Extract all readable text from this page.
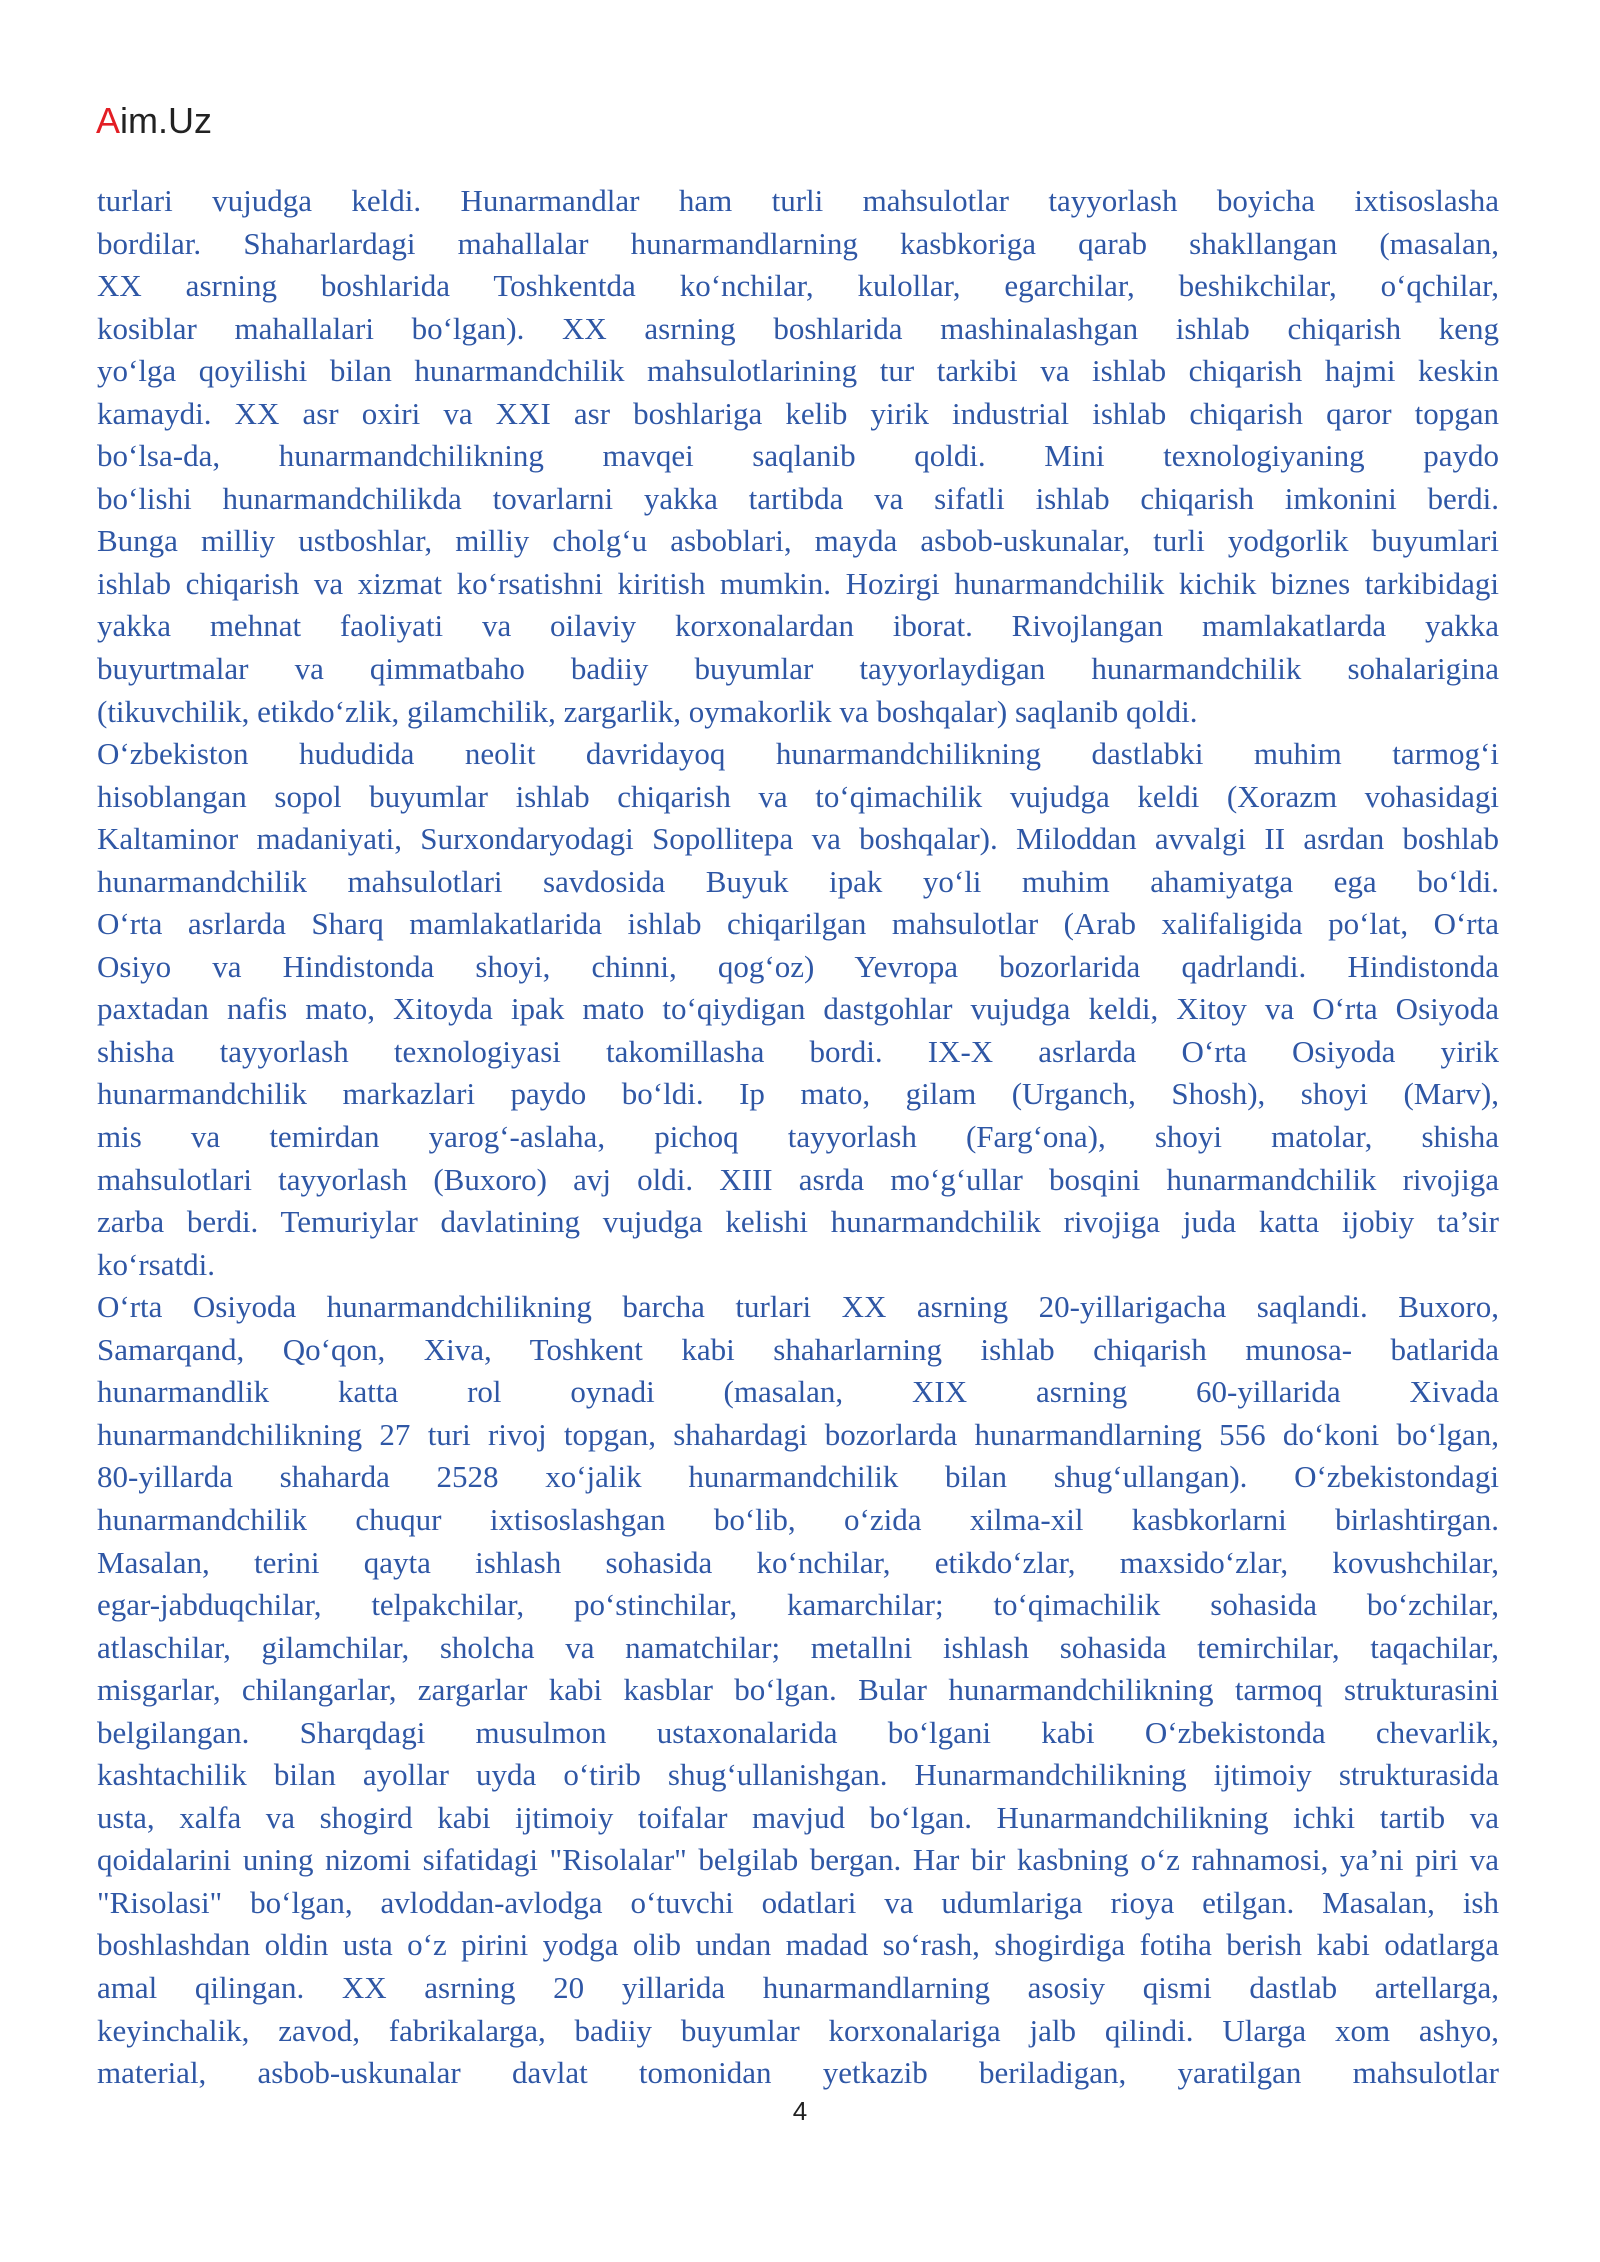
Aim.Uz
turlari vujudga keldi. Hunarmandlar ham turli mahsulotlar tayyorlash boyicha ixtisoslasha
bordilar. Shaharlardagi mahallalar hunarmandlarning kasbkoriga qarab shakllangan (masalan,
XX asrning boshlarida Toshkentda ko‘nchilar, kulollar, egarchilar, beshikchilar, o‘qchilar,
kosiblar mahallalari bo‘lgan). XX asrning boshlarida mashinalashgan ishlab chiqarish keng
yo‘lga qoyilishi bilan hunarmandchilik mahsulotlarining tur tarkibi va ishlab chiqarish hajmi keskin
kamaydi. XX asr oxiri va XXI asr boshlariga kelib yirik industrial ishlab chiqarish qaror topgan
bo‘lsa-da, hunarmandchilikning mavqei saqlanib qoldi. Mini texnologiyaning paydo
bo‘lishi hunarmandchilikda tovarlarni yakka tartibda va sifatli ishlab chiqarish imkonini berdi.
Bunga milliy ustboshlar, milliy cholg‘u asboblari, mayda asbob-uskunalar, turli yodgorlik buyumlari
ishlab chiqarish va xizmat ko‘rsatishni kiritish mumkin. Hozirgi hunarmandchilik kichik biznes tarkibidagi
yakka mehnat faoliyati va oilaviy korxonalardan iborat. Rivojlangan mamlakatlarda yakka
buyurtmalar va qimmatbaho badiiy buyumlar tayyorlaydigan hunarmandchilik sohalarigina
(tikuvchilik, etikdo‘zlik, gilamchilik, zargarlik, oymakorlik va boshqalar) saqlanib qoldi.
O‘zbekiston hududida neolit davridayoq hunarmandchilikning dastlabki muhim tarmog‘i
hisoblangan sopol buyumlar ishlab chiqarish va to‘qimachilik vujudga keldi (Xorazm vohasidagi
Kaltaminor madaniyati, Surxondaryodagi Sopollitepa va boshqalar). Miloddan avvalgi II asrdan boshlab
hunarmandchilik mahsulotlari savdosida Buyuk ipak yo‘li muhim ahamiyatga ega bo‘ldi.
O‘rta asrlarda Sharq mamlakatlarida ishlab chiqarilgan mahsulotlar (Arab xalifaligida po‘lat, O‘rta
Osiyo va Hindistonda shoyi, chinni, qog‘oz) Yevropa bozorlarida qadrlandi. Hindistonda
paxtadan nafis mato, Xitoyda ipak mato to‘qiydigan dastgohlar vujudga keldi, Xitoy va O‘rta Osiyoda
shisha tayyorlash texnologiyasi takomillasha bordi. IX-X asrlarda O‘rta Osiyoda yirik
hunarmandchilik markazlari paydo bo‘ldi. Ip mato, gilam (Urganch, Shosh), shoyi (Marv),
mis va temirdan yarog‘-aslaha, pichoq tayyorlash (Farg‘ona), shoyi matolar, shisha
mahsulotlari tayyorlash (Buxoro) avj oldi. XIII asrda mo‘g‘ullar bosqini hunarmandchilik rivojiga
zarba berdi. Temuriylar davlatining vujudga kelishi hunarmandchilik rivojiga juda katta ijobiy ta’sir
ko‘rsatdi.
O‘rta Osiyoda hunarmandchilikning barcha turlari XX asrning 20-yillarigacha saqlandi. Buxoro,
Samarqand, Qo‘qon, Xiva, Toshkent kabi shaharlarning ishlab chiqarish munosa- batlarida
hunarmandlik katta rol oynadi (masalan, XIX asrning 60-yillarida Xivada
hunarmandchilikning 27 turi rivoj topgan, shahardagi bozorlarda hunarmandlarning 556 do‘koni bo‘lgan,
80-yillarda shaharda 2528 xo‘jalik hunarmandchilik bilan shug‘ullangan). O‘zbekistondagi
hunarmandchilik chuqur ixtisoslashgan bo‘lib, o‘zida xilma-xil kasbkorlarni birlashtirgan.
Masalan, terini qayta ishlash sohasida ko‘nchilar, etikdo‘zlar, maxsido‘zlar, kovushchilar,
egar-jabduqchilar, telpakchilar, po‘stinchilar, kamarchilar; to‘qimachilik sohasida bo‘zchilar,
atlaschilar, gilamchilar, sholcha va namatchilar; metallni ishlash sohasida temirchilar, taqachilar,
misgarlar, chilangarlar, zargarlar kabi kasblar bo‘lgan. Bular hunarmandchilikning tarmoq strukturasini
belgilangan. Sharqdagi musulmon ustaxonalarida bo‘lgani kabi O‘zbekistonda chevarlik,
kashtachilik bilan ayollar uyda o‘tirib shug‘ullanishgan. Hunarmandchilikning ijtimoiy strukturasida
usta, xalfa va shogird kabi ijtimoiy toifalar mavjud bo‘lgan. Hunarmandchilikning ichki tartib va
qoidalarini uning nizomi sifatidagi "Risolalar" belgilab bergan. Har bir kasbning o‘z rahnamosi, ya’ni piri va
"Risolasi" bo‘lgan, avloddan-avlodga o‘tuvchi odatlari va udumlariga rioya etilgan. Masalan, ish
boshlashdan oldin usta o‘z pirini yodga olib undan madad so‘rash, shogirdiga fotiha berish kabi odatlarga
amal qilingan. XX asrning 20 yillarida hunarmandlarning asosiy qismi dastlab artellarga,
keyinchalik, zavod, fabrikalarga, badiiy buyumlar korxonalariga jalb qilindi. Ularga xom ashyo,
material, asbob-uskunalar davlat tomonidan yetkazib beriladigan, yaratilgan mahsulotlar
4
